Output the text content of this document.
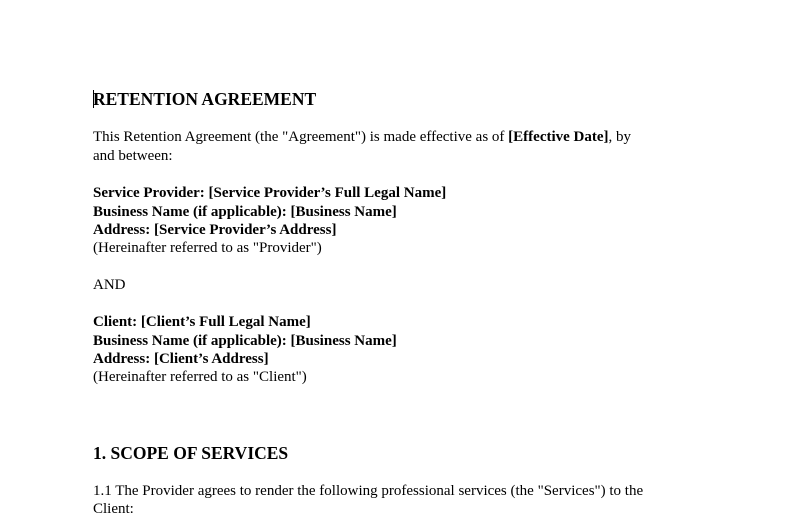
RETENTION AGREEMENT
This Retention Agreement (the "Agreement") is made effective as of [Effective Date], by
and between:
Service Provider: [Service Provider’s Full Legal Name]
Business Name (if applicable): [Business Name]
Address: [Service Provider’s Address]
(Hereinafter referred to as "Provider")
AND
Client: [Client’s Full Legal Name]
Business Name (if applicable): [Business Name]
Address: [Client’s Address]
(Hereinafter referred to as "Client")
1. SCOPE OF SERVICES
1.1 The Provider agrees to render the following professional services (the "Services") to the
Client:
